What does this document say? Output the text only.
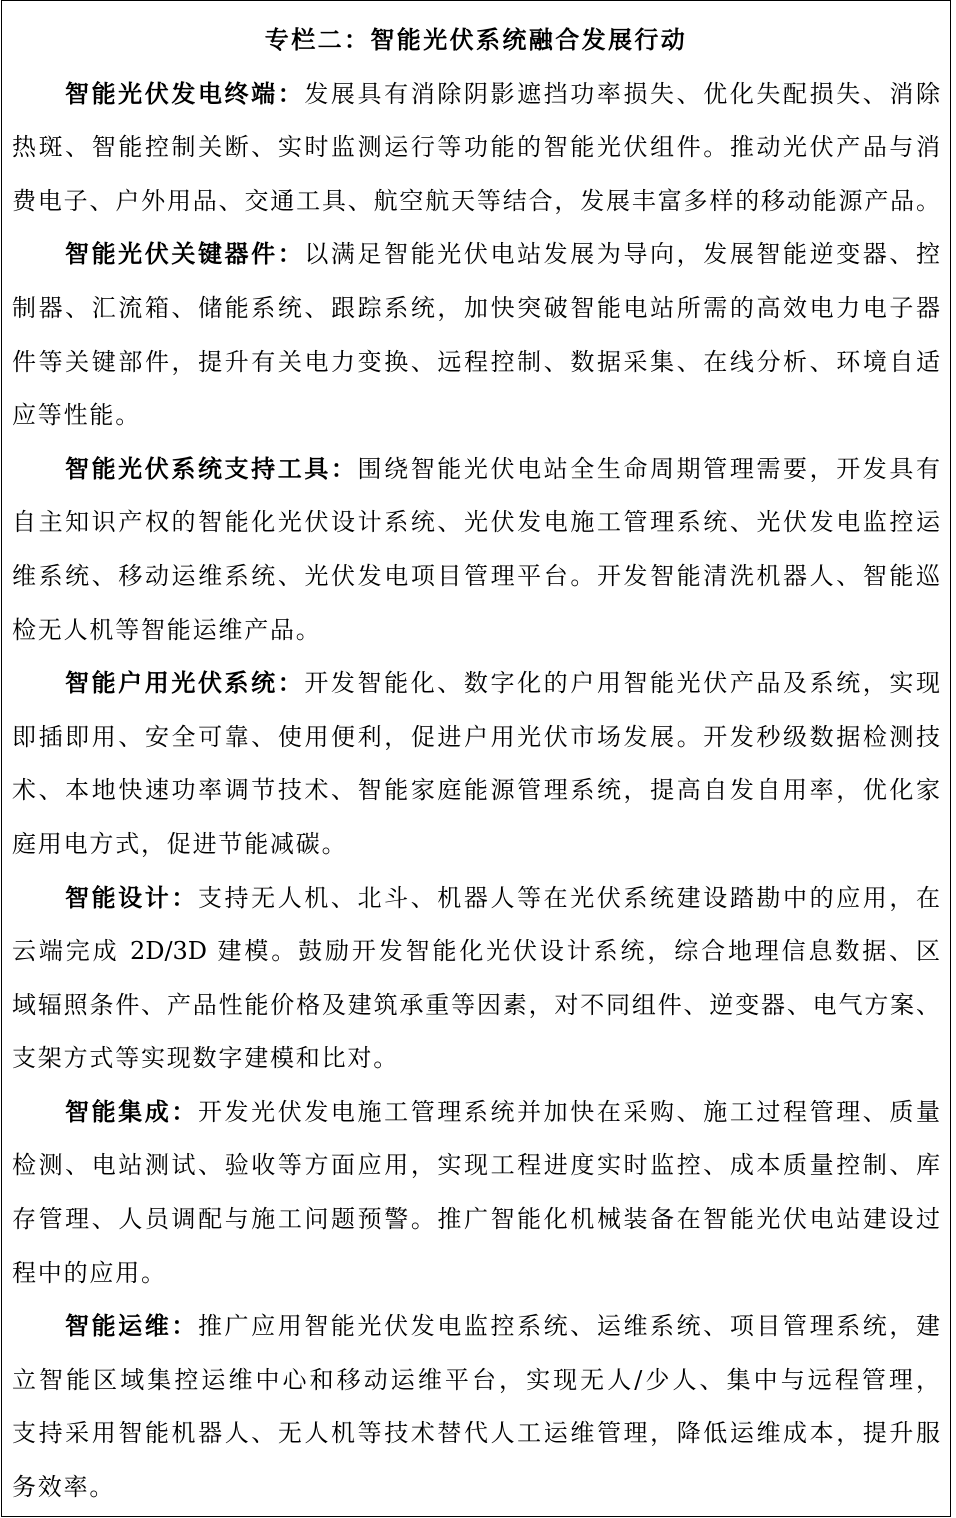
专栏二：智能光伏系统融合发展行动
智能光伏发电终端：发展具有消除阴影遮挡功率损失、优化失配损失、消除
热斑、智能控制关断、实时监测运行等功能的智能光伏组件。推动光伏产品与消
费电子、户外用品、交通工具、航空航天等结合，发展丰富多样的移动能源产品。
智能光伏关键器件：以满足智能光伏电站发展为导向，发展智能逆变器、控
制器、汇流箱、储能系统、跟踪系统，加快突破智能电站所需的高效电力电子器
件等关键部件，提升有关电力变换、远程控制、数据采集、在线分析、环境自适
应等性能。
智能光伏系统支持工具：围绕智能光伏电站全生命周期管理需要，开发具有
自主知识产权的智能化光伏设计系统、光伏发电施工管理系统、光伏发电监控运
维系统、移动运维系统、光伏发电项目管理平台。开发智能清洗机器人、智能巡
检无人机等智能运维产品。
智能户用光伏系统：开发智能化、数字化的户用智能光伏产品及系统，实现
即插即用、安全可靠、使用便利，促进户用光伏市场发展。开发秒级数据检测技
术、本地快速功率调节技术、智能家庭能源管理系统，提高自发自用率，优化家
庭用电方式，促进节能减碳。
智能设计：支持无人机、北斗、机器人等在光伏系统建设踏勘中的应用，在
云端完成 2D/3D 建模。鼓励开发智能化光伏设计系统，综合地理信息数据、区
域辐照条件、产品性能价格及建筑承重等因素，对不同组件、逆变器、电气方案、
支架方式等实现数字建模和比对。
智能集成：开发光伏发电施工管理系统并加快在采购、施工过程管理、质量
检测、电站测试、验收等方面应用，实现工程进度实时监控、成本质量控制、库
存管理、人员调配与施工问题预警。推广智能化机械装备在智能光伏电站建设过
程中的应用。
智能运维：推广应用智能光伏发电监控系统、运维系统、项目管理系统，建
立智能区域集控运维中心和移动运维平台，实现无人/少人、集中与远程管理，
支持采用智能机器人、无人机等技术替代人工运维管理，降低运维成本，提升服
务效率。
